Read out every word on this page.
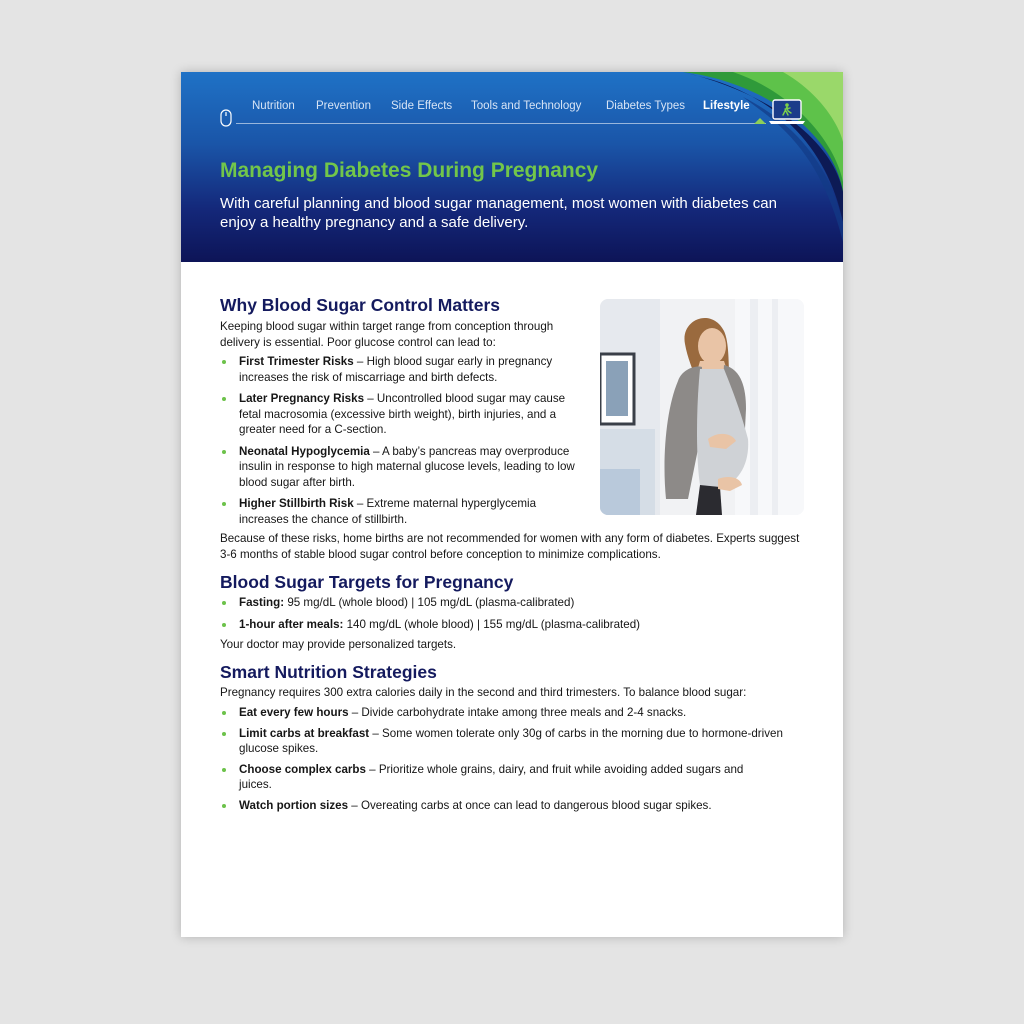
Nutrition Prevention Side Effects Tools and Technology Diabetes Types Lifestyle
Managing Diabetes During Pregnancy
With careful planning and blood sugar management, most women with diabetes can enjoy a healthy pregnancy and a safe delivery.
Why Blood Sugar Control Matters

Keeping blood sugar within target range from conception through delivery is essential. Poor glucose control can lead to:

First Trimester Risks – High blood sugar early in pregnancy increases the risk of miscarriage and birth defects.
Later Pregnancy Risks – Uncontrolled blood sugar may cause fetal macrosomia (excessive birth weight), birth injuries, and a greater need for a C-section.
Neonatal Hypoglycemia – A baby’s pancreas may overproduce insulin in response to high maternal glucose levels, leading to low blood sugar after birth.
Higher Stillbirth Risk – Extreme maternal hyperglycemia increases the chance of stillbirth.

Because of these risks, home births are not recommended for women with any form of diabetes. Experts suggest 3-6 months of stable blood sugar control before conception to minimize complications.

Blood Sugar Targets for Pregnancy
Fasting: 95 mg/dL (whole blood) | 105 mg/dL (plasma-calibrated)
1-hour after meals: 140 mg/dL (whole blood) | 155 mg/dL (plasma-calibrated)

Your doctor may provide personalized targets.

Smart Nutrition Strategies

Pregnancy requires 300 extra calories daily in the second and third trimesters. To balance blood sugar:

Eat every few hours – Divide carbohydrate intake among three meals and 2-4 snacks.
Limit carbs at breakfast – Some women tolerate only 30g of carbs in the morning due to hormone-driven glucose spikes.
Choose complex carbs – Prioritize whole grains, dairy, and fruit while avoiding added sugars and juices.
Watch portion sizes – Overeating carbs at once can lead to dangerous blood sugar spikes.
